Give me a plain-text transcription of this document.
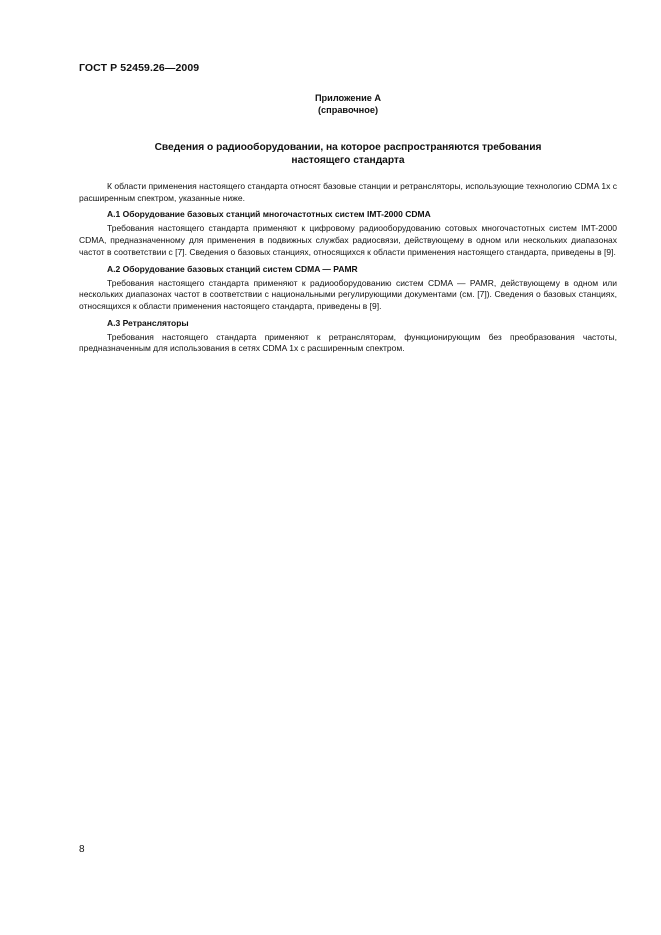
ГОСТ Р 52459.26—2009
Приложение А
(справочное)
Сведения о радиооборудовании, на которое распространяются требования
настоящего стандарта

К области применения настоящего стандарта относят базовые станции и ретрансляторы, использующие технологию CDMA 1x с расширенным спектром, указанные ниже.

А.1 Оборудование базовых станций многочастотных систем IMT-2000 CDMA

Требования настоящего стандарта применяют к цифровому радиооборудованию сотовых многочастотных систем IMT-2000 CDMA, предназначенному для применения в подвижных службах радиосвязи, действующему в одном или нескольких диапазонах частот в соответствии с [7]. Сведения о базовых станциях, относящихся к области применения настоящего стандарта, приведены в [9].

А.2 Оборудование базовых станций систем CDMA — PAMR

Требования настоящего стандарта применяют к радиооборудованию систем CDMA — PAMR, действующему в одном или нескольких диапазонах частот в соответствии с национальными регулирующими документами (см. [7]). Сведения о базовых станциях, относящихся к области применения настоящего стандарта, приведены в [9].

А.3 Ретрансляторы

Требования настоящего стандарта применяют к ретрансляторам, функционирующим без преобразования частоты, предназначенным для использования в сетях CDMA 1x с расширенным спектром.

8
